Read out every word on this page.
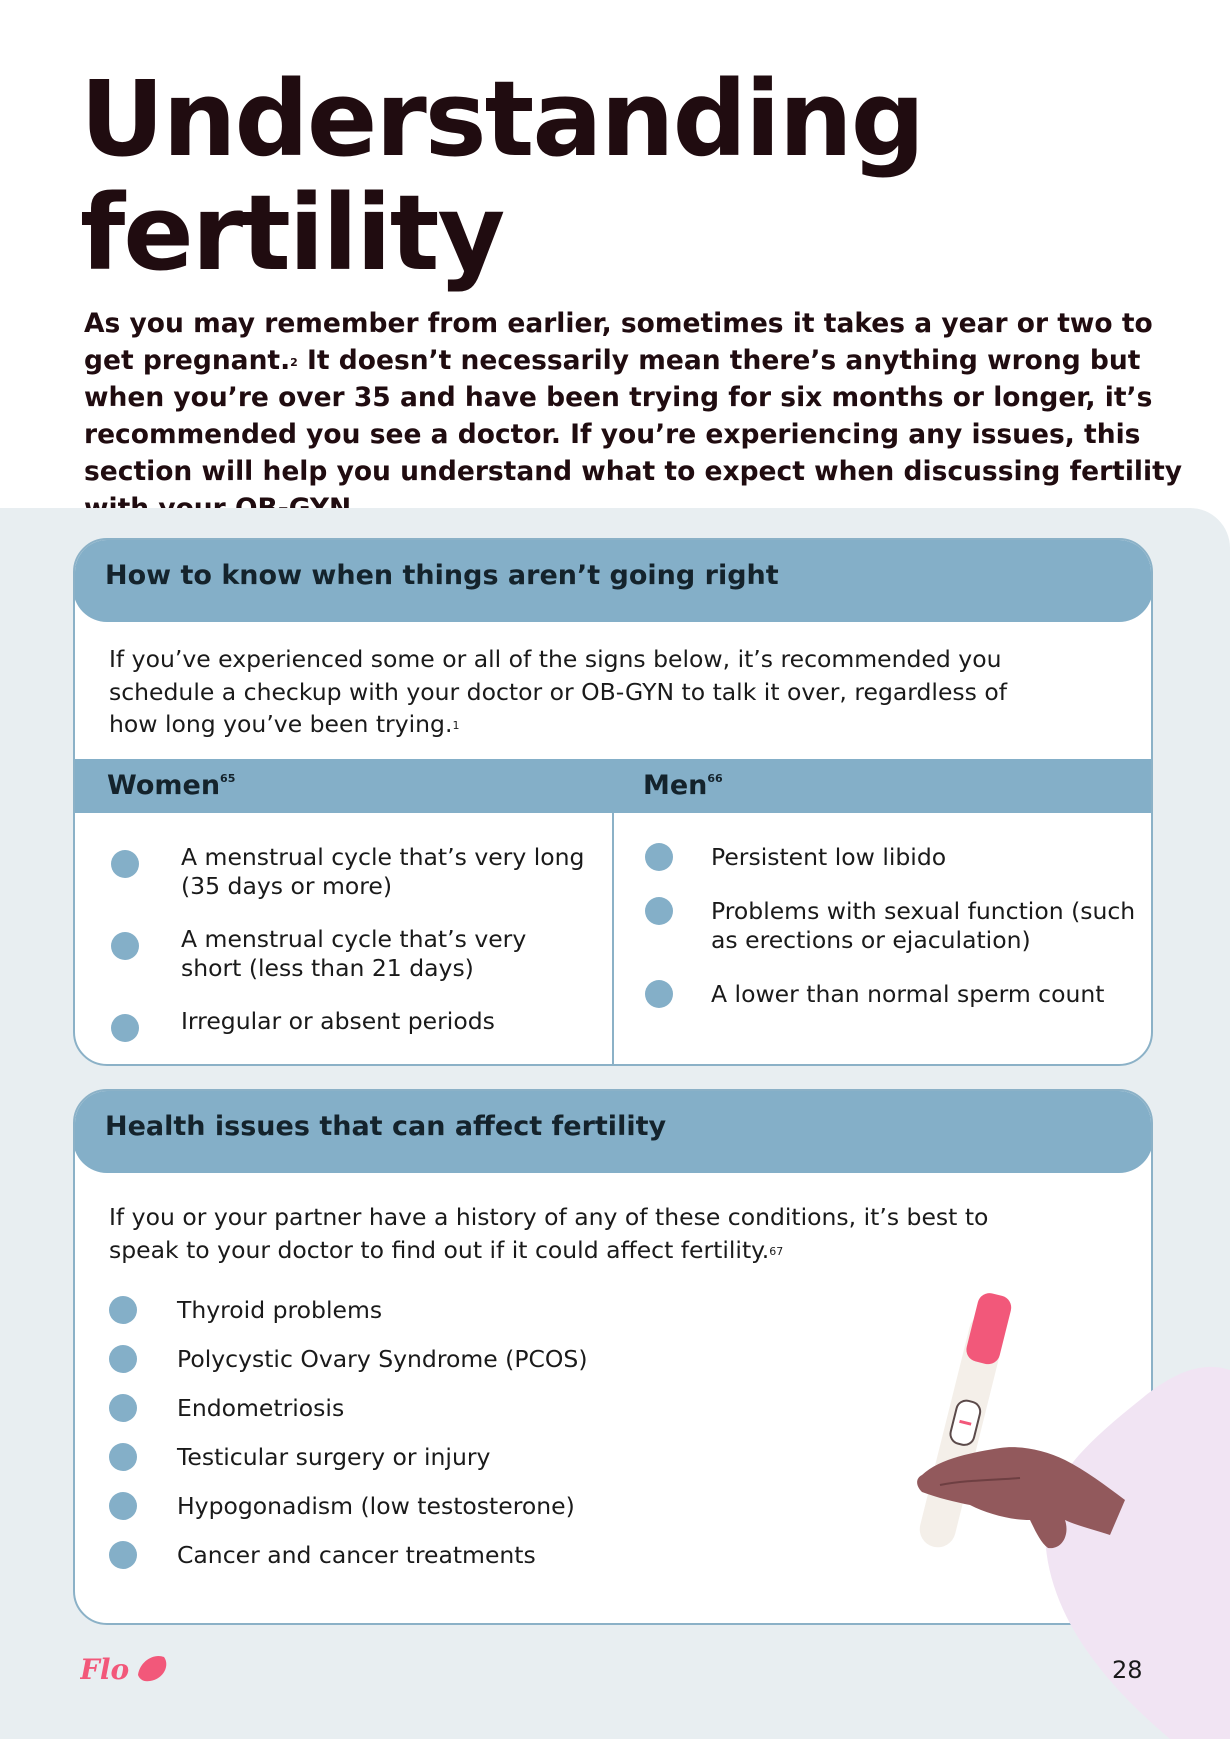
Understanding
fertility

As you may remember from earlier, sometimes it takes a year or two to get pregnant.$^2$ It doesn’t necessarily mean there’s anything wrong but when you’re over 35 and have been trying for six months or longer, it’s recommended you see a doctor. If you’re experiencing any issues, this section will help you understand what to expect when discussing fertility

How to know when things aren’t going right

If you’ve experienced some or all of the signs below, it’s recommended you schedule a checkup with your doctor or OB-GYN to talk it over, regardless of how long you’ve been trying.$^1$

Women$^{65}$	Men$^{66}$
A menstrual cycle that’s very long (35 days or more)
A menstrual cycle that’s very short (less than 21 days)
Irregular or absent periods
Persistent low libido
Problems with sexual function (such as erections or ejaculation)
A lower than normal sperm count
Health issues that can affect fertility

If you or your partner have a history of any of these conditions, it’s best to speak to your doctor to find out if it could affect fertility.$^{67}$

Thyroid problems
Polycystic Ovary Syndrome (PCOS)
Endometriosis
Testicular surgery or injury
Hypogonadism (low testosterone)
Cancer and cancer treatments
Flo	28
